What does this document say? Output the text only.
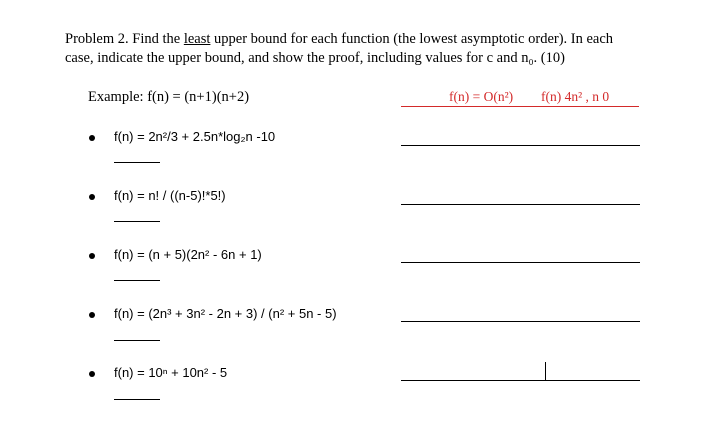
Problem 2. Find the least upper bound for each function (the lowest asymptotic order). In each
case, indicate the upper bound, and show the proof, including values for c and n₀. (10)
Example: f(n) = (n+1)(n+2)	f(n) = O(n²) f(n) 4n² , n 0
f(n) = 2n²/3 + 2.5n*log₂n -10
f(n) = n! / ((n-5)!*5!)
f(n) = (n + 5)(2n² - 6n + 1)
f(n) = (2n³ + 3n² - 2n + 3) / (n² + 5n - 5)
f(n) = 10ⁿ + 10n² - 5
